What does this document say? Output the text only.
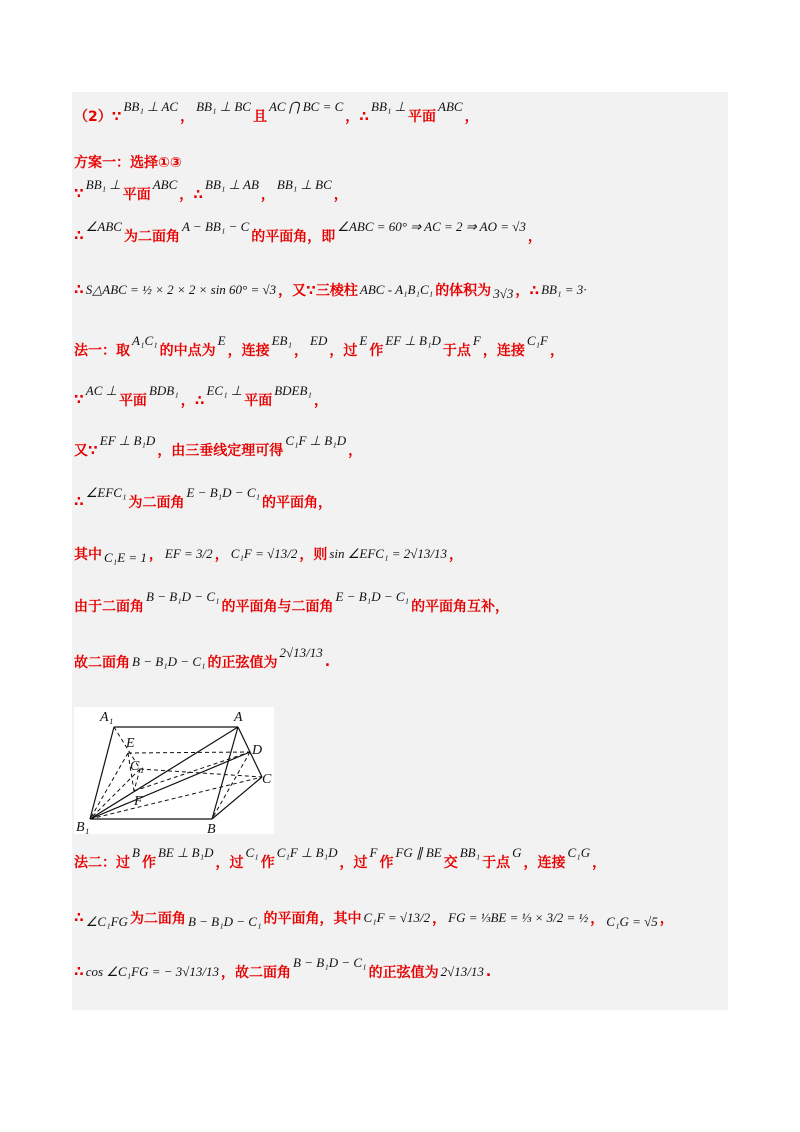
（2）∵
BB₁ ⊥ AC
，
BB₁ ⊥ BC
且
AC ⋂ BC = C
，∴
BB₁ ⊥
平面
ABC
，
方案一：选择①③
∵
BB₁ ⊥
平面
ABC
，∴
BB₁ ⊥ AB
，
BB₁ ⊥ BC
，
∴
∠ABC
为二面角
A − BB₁ − C
的平面角，即
∠ABC = 60° ⇒ AC = 2 ⇒ AO = √3
，
∴ S△ABC = ½ × 2 × 2 × sin 60° = √3 ，又∵三棱柱 ABC - A₁B₁C₁ 的体积为 3√3 ，∴ BB₁ = 3·
法一：取
A₁C₁
的中点为
E
，连接
EB₁
，
ED
，过
E
作
EF ⊥ B₁D
于点
F
，连接
C₁F
，
∵
AC ⊥
平面
BDB₁
，∴
EC₁ ⊥
平面
BDEB₁
，
又∵
EF ⊥ B₁D
，由三垂线定理可得
C₁F ⊥ B₁D
，
∴
∠EFC₁
为二面角
E − B₁D − C₁
的平面角，
其中 C₁E = 1 ， EF = 3/2 ， C₁F = √13/2 ，则 sin ∠EFC₁ = 2√13/13 ，
由于二面角
B − B₁D − C₁
的平面角与二面角
E − B₁D − C₁
的平面角互补，
故二面角 B − B₁D − C₁ 的正弦值为
2√13/13
.
法二：过
B
作
BE ⊥ B₁D
，过
C₁
作
C₁F ⊥ B₁D
，过
F
作
FG ∥ BE
交
BB₁
于点
G
，连接
C₁G
，
∴ ∠C₁FG 为二面角 B − B₁D − C₁ 的平面角，其中 C₁F = √13/2 ， FG = ⅓BE = ⅓ × 3/2 = ½ ， C₁G = √5 ，
∴ cos ∠C₁FG = − 3√13/13 ，故二面角
B − B₁D − C₁
的正弦值为 2√13/13 .
A₁	A
E	D
C₁
C
F
B₁	B
